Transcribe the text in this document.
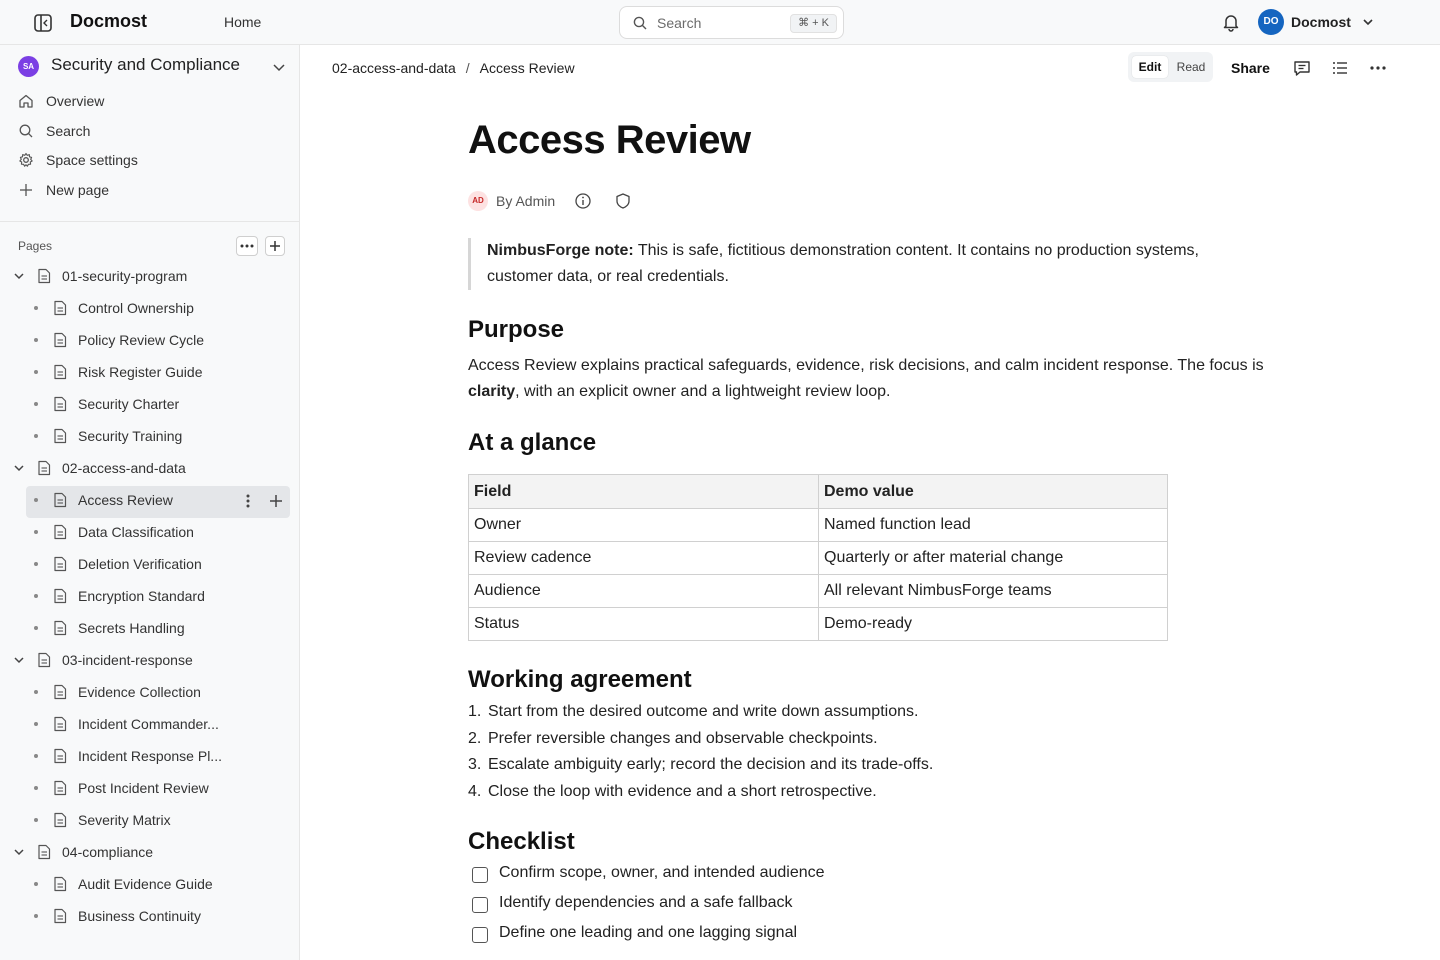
Docmost	Home	Search	⌘ + K	DO Docmost
SA Security and Compliance
Overview
Search
Space settings
New page
Pages
01-security-program
Control Ownership
Policy Review Cycle
Risk Register Guide
Security Charter
Security Training
02-access-and-data
Access Review
Data Classification
Deletion Verification
Encryption Standard
Secrets Handling
03-incident-response
Evidence Collection
Incident Commander...
Incident Response Pl...
Post Incident Review
Severity Matrix
04-compliance
Audit Evidence Guide
Business Continuity
02-access-and-data / Access Review	Edit	Read Share
Access Review
AD By Admin
NimbusForge note: This is safe, fictitious demonstration content. It contains no production systems, customer data, or real credentials.
Purpose

Access Review explains practical safeguards, evidence, risk decisions, and calm incident response. The focus is clarity, with an explicit owner and a lightweight review loop.

At a glance
Field	Demo value
Owner	Named function lead
Review cadence	Quarterly or after material change
Audience	All relevant NimbusForge teams
Status	Demo-ready
Working agreement
1. Start from the desired outcome and write down assumptions.
2. Prefer reversible changes and observable checkpoints.
3. Escalate ambiguity early; record the decision and its trade-offs.
4. Close the loop with evidence and a short retrospective.
Checklist
Confirm scope, owner, and intended audience
Identify dependencies and a safe fallback
Define one leading and one lagging signal
